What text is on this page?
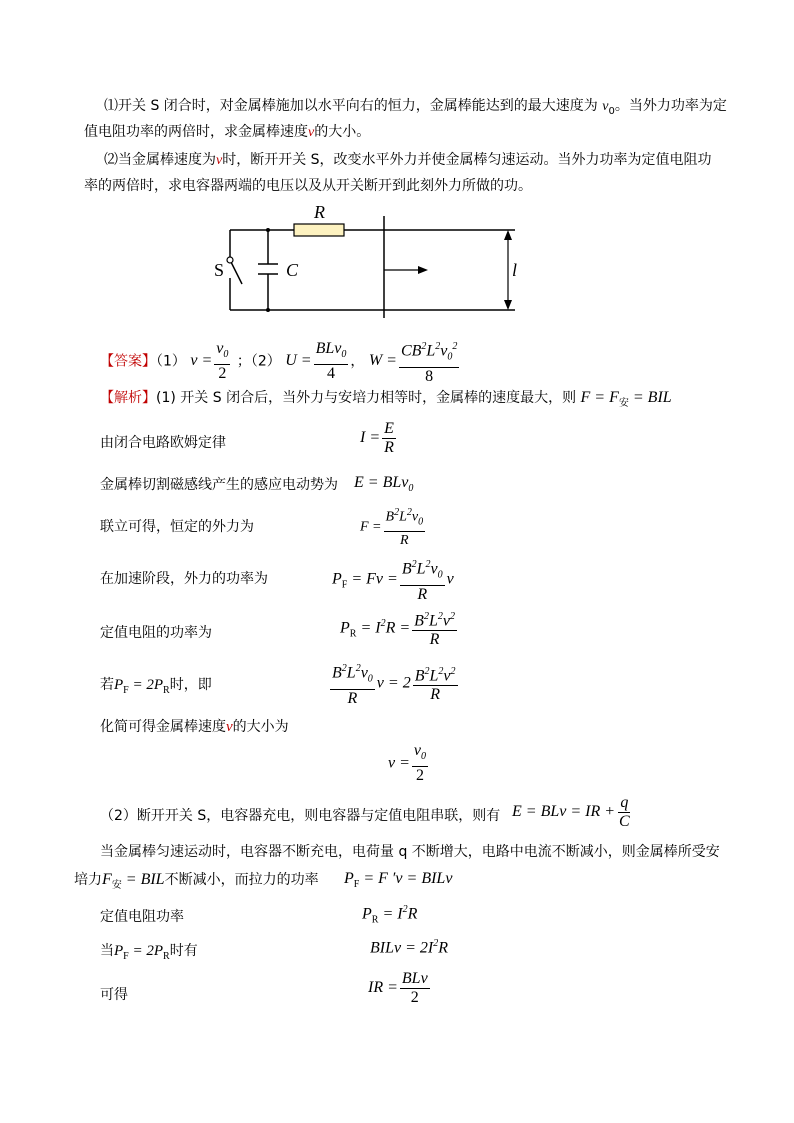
⑴开关 S 闭合时，对金属棒施加以水平向右的恒力，金属棒能达到的最大速度为 $v_0$。当外力功率为定
值电阻功率的两倍时，求金属棒速度v的大小。
⑵当金属棒速度为v时，断开开关 S，改变水平外力并使金属棒匀速运动。当外力功率为定值电阻功
率的两倍时，求电容器两端的电压以及从开关断开到此刻外力所做的功。
R
S	C	l
【答案】（1） $v = \frac{v_0}{2}$ ；（2） $U = \frac{BLv_0}{4}$ ， $W = \frac{CB^2L^2v_0^2}{8}$
【解析】(1) 开关 S 闭合后，当外力与安培力相等时，金属棒的速度最大，则 $F = F_安$ = BIL
由闭合电路欧姆定律	$I = \frac{E}{R}$
金属棒切割磁感线产生的感应电动势为 E = BLv$_0$
联立可得，恒定的外力为	$F = \frac{B^2L^2v_0}{R}$
在加速阶段，外力的功率为	$P_F = Fv = \frac{B^2L^2v_0}{R}$ v
定值电阻的功率为	$P_R = I^2R = \frac{B^2L^2v^2}{R}$
若$P_F = 2P_R$时，即	$\frac{B^2L^2v_0}{R}$ $v = 2 \frac{B^2L^2v^2}{R}$
化简可得金属棒速度v的大小为
$v = \frac{v_0}{2}$
（2）断开开关 S，电容器充电，则电容器与定值电阻串联，则有 E = BLv = IR + $\frac{q}{C}$
当金属棒匀速运动时，电容器不断充电，电荷量 q 不断增大，电路中电流不断减小，则金属棒所受安
培力$F_安$ = BIL不断减小，而拉力的功率 $P_F = F$ ′v = BILv
定值电阻功率	$P_R = I^2R$
当$P_F = 2P_R$时有	BILv = $2I^2R$
可得	IR = $\frac{\text{BLv}}{2}$
